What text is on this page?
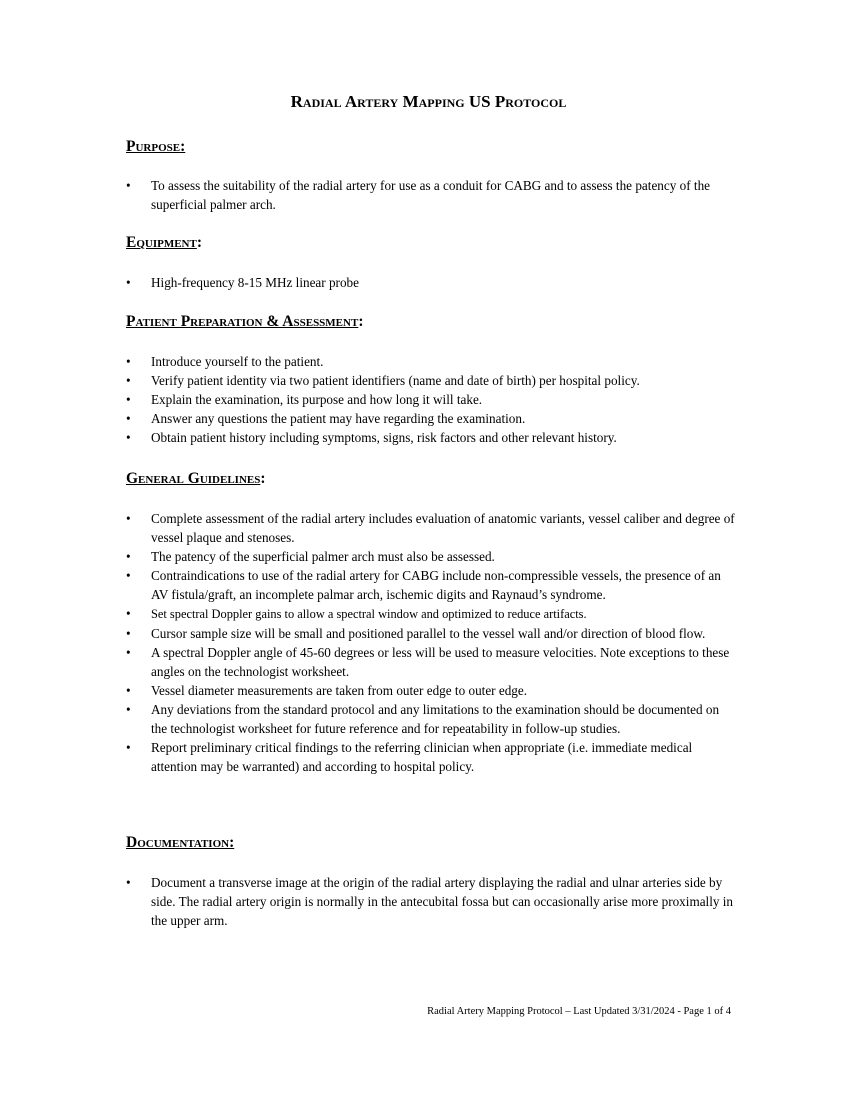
Radial Artery Mapping US Protocol
Purpose:
• To assess the suitability of the radial artery for use as a conduit for CABG and to assess the patency of the superficial palmer arch.
Equipment:
• High-frequency 8-15 MHz linear probe
Patient Preparation & Assessment:
• Introduce yourself to the patient.
• Verify patient identity via two patient identifiers (name and date of birth) per hospital policy.
• Explain the examination, its purpose and how long it will take.
• Answer any questions the patient may have regarding the examination.
• Obtain patient history including symptoms, signs, risk factors and other relevant history.
General Guidelines:
• Complete assessment of the radial artery includes evaluation of anatomic variants, vessel caliber and degree of vessel plaque and stenoses.
• The patency of the superficial palmer arch must also be assessed.
• Contraindications to use of the radial artery for CABG include non-compressible vessels, the presence of an AV fistula/graft, an incomplete palmar arch, ischemic digits and Raynaud’s syndrome.
• Set spectral Doppler gains to allow a spectral window and optimized to reduce artifacts.
• Cursor sample size will be small and positioned parallel to the vessel wall and/or direction of blood flow.
• A spectral Doppler angle of 45-60 degrees or less will be used to measure velocities. Note exceptions to these angles on the technologist worksheet.
• Vessel diameter measurements are taken from outer edge to outer edge.
• Any deviations from the standard protocol and any limitations to the examination should be documented on the technologist worksheet for future reference and for repeatability in follow-up studies.
• Report preliminary critical findings to the referring clinician when appropriate (i.e. immediate medical attention may be warranted) and according to hospital policy.
Documentation:
• Document a transverse image at the origin of the radial artery displaying the radial and ulnar arteries side by side. The radial artery origin is normally in the antecubital fossa but can occasionally arise more proximally in the upper arm.
Radial Artery Mapping Protocol – Last Updated 3/31/2024 - Page 1 of 4
